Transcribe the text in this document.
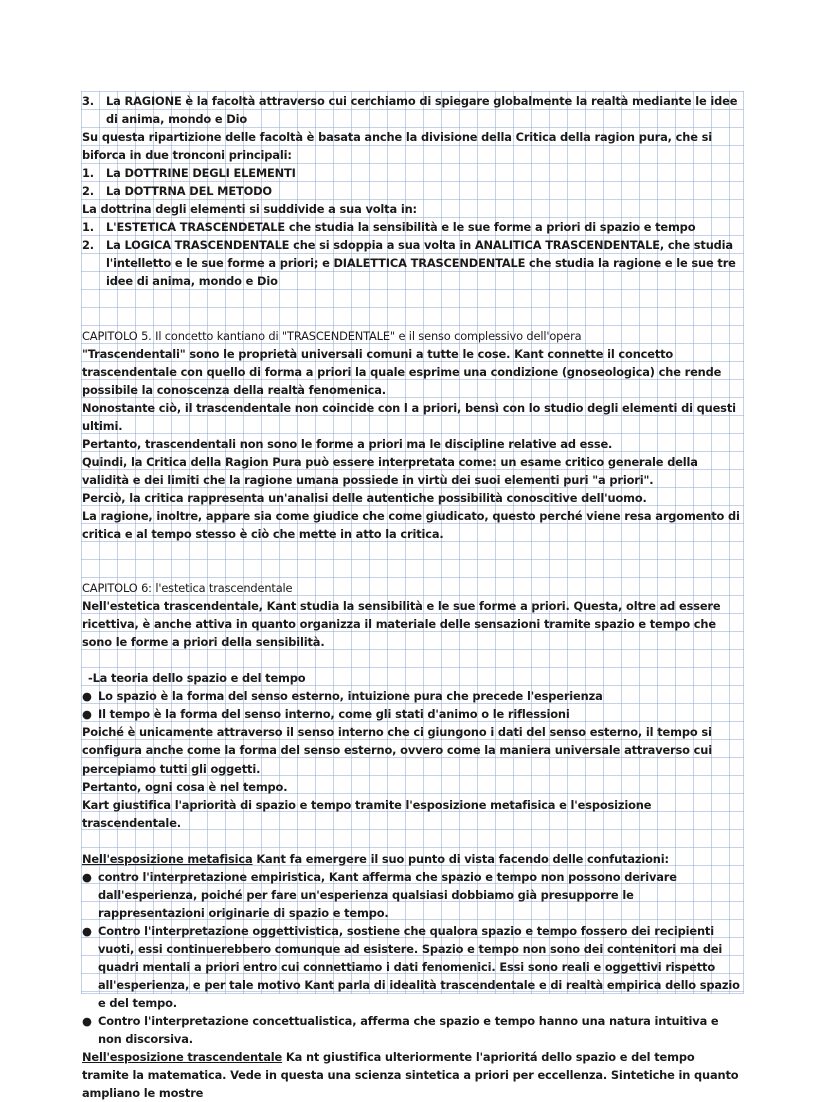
3.	La RAGIONE è la facoltà attraverso cui cerchiamo di spiegare globalmente la realtà mediante le idee di anima, mondo e Dio

Su questa ripartizione delle facoltà è basata anche la divisione della Critica della ragion pura, che si biforca in due tronconi principali:

1.	La DOTTRINE DEGLI ELEMENTI
2.	La DOTTRNA DEL METODO

La dottrina degli elementi si suddivide a sua volta in:

1.	L'ESTETICA TRASCENDETALE che studia la sensibilità e le sue forme a priori di spazio e tempo
2.	La LOGICA TRASCENDENTALE che si sdoppia a sua volta in ANALITICA TRASCENDENTALE, che studia l'intelletto e le sue forme a priori; e DIALETTICA TRASCENDENTALE che studia la ragione e le sue tre idee di anima, mondo e Dio

CAPITOLO 5. Il concetto kantiano di "TRASCENDENTALE" e il senso complessivo dell'opera

"Trascendentali" sono le proprietà universali comuni a tutte le cose. Kant connette il concetto trascendentale con quello di forma a priori la quale esprime una condizione (gnoseologica) che rende possibile la conoscenza della realtà fenomenica.

Nonostante ciò, il trascendentale non coincide con l a priori, bensì con lo studio degli elementi di questi ultimi.

Pertanto, trascendentali non sono le forme a priori ma le discipline relative ad esse.

Quindi, la Critica della Ragion Pura può essere interpretata come: un esame critico generale della validità e dei limiti che la ragione umana possiede in virtù dei suoi elementi puri "a priori".

Perciò, la critica rappresenta un'analisi delle autentiche possibilità conoscitive dell'uomo.

La ragione, inoltre, appare sia come giudice che come giudicato, questo perché viene resa argomento di critica e al tempo stesso è ciò che mette in atto la critica.

CAPITOLO 6: l'estetica trascendentale

Nell'estetica trascendentale, Kant studia la sensibilità e le sue forme a priori. Questa, oltre ad essere ricettiva, è anche attiva in quanto organizza il materiale delle sensazioni tramite spazio e tempo che sono le forme a priori della sensibilità.

-La teoria dello spazio e del tempo

● Lo spazio è la forma del senso esterno, intuizione pura che precede l'esperienza
● Il tempo è la forma del senso interno, come gli stati d'animo o le riflessioni

Poiché è unicamente attraverso il senso interno che ci giungono i dati del senso esterno, il tempo si configura anche come la forma del senso esterno, ovvero come la maniera universale attraverso cui percepiamo tutti gli oggetti.

Pertanto, ogni cosa è nel tempo.

Kart giustifica l'apriorità di spazio e tempo tramite l'esposizione metafisica e l'esposizione trascendentale.

Nell'esposizione metafisica Kant fa emergere il suo punto di vista facendo delle confutazioni:

● contro l'interpretazione empiristica, Kant afferma che spazio e tempo non possono derivare dall'esperienza, poiché per fare un'esperienza qualsiasi dobbiamo già presupporre le rappresentazioni originarie di spazio e tempo.
● Contro l'interpretazione oggettivistica, sostiene che qualora spazio e tempo fossero dei recipienti vuoti, essi continuerebbero comunque ad esistere. Spazio e tempo non sono dei contenitori ma dei quadri mentali a priori entro cui connettiamo i dati fenomenici. Essi sono reali e oggettivi rispetto all'esperienza, e per tale motivo Kant parla di idealità trascendentale e di realtà empirica dello spazio e del tempo.
● Contro l'interpretazione concettualistica, afferma che spazio e tempo hanno una natura intuitiva e non discorsiva.

Nell'esposizione trascendentale Ka nt giustifica ulteriormente l'aprioritá dello spazio e del tempo tramite la matematica. Vede in questa una scienza sintetica a priori per eccellenza. Sintetiche in quanto ampliano le mostre
